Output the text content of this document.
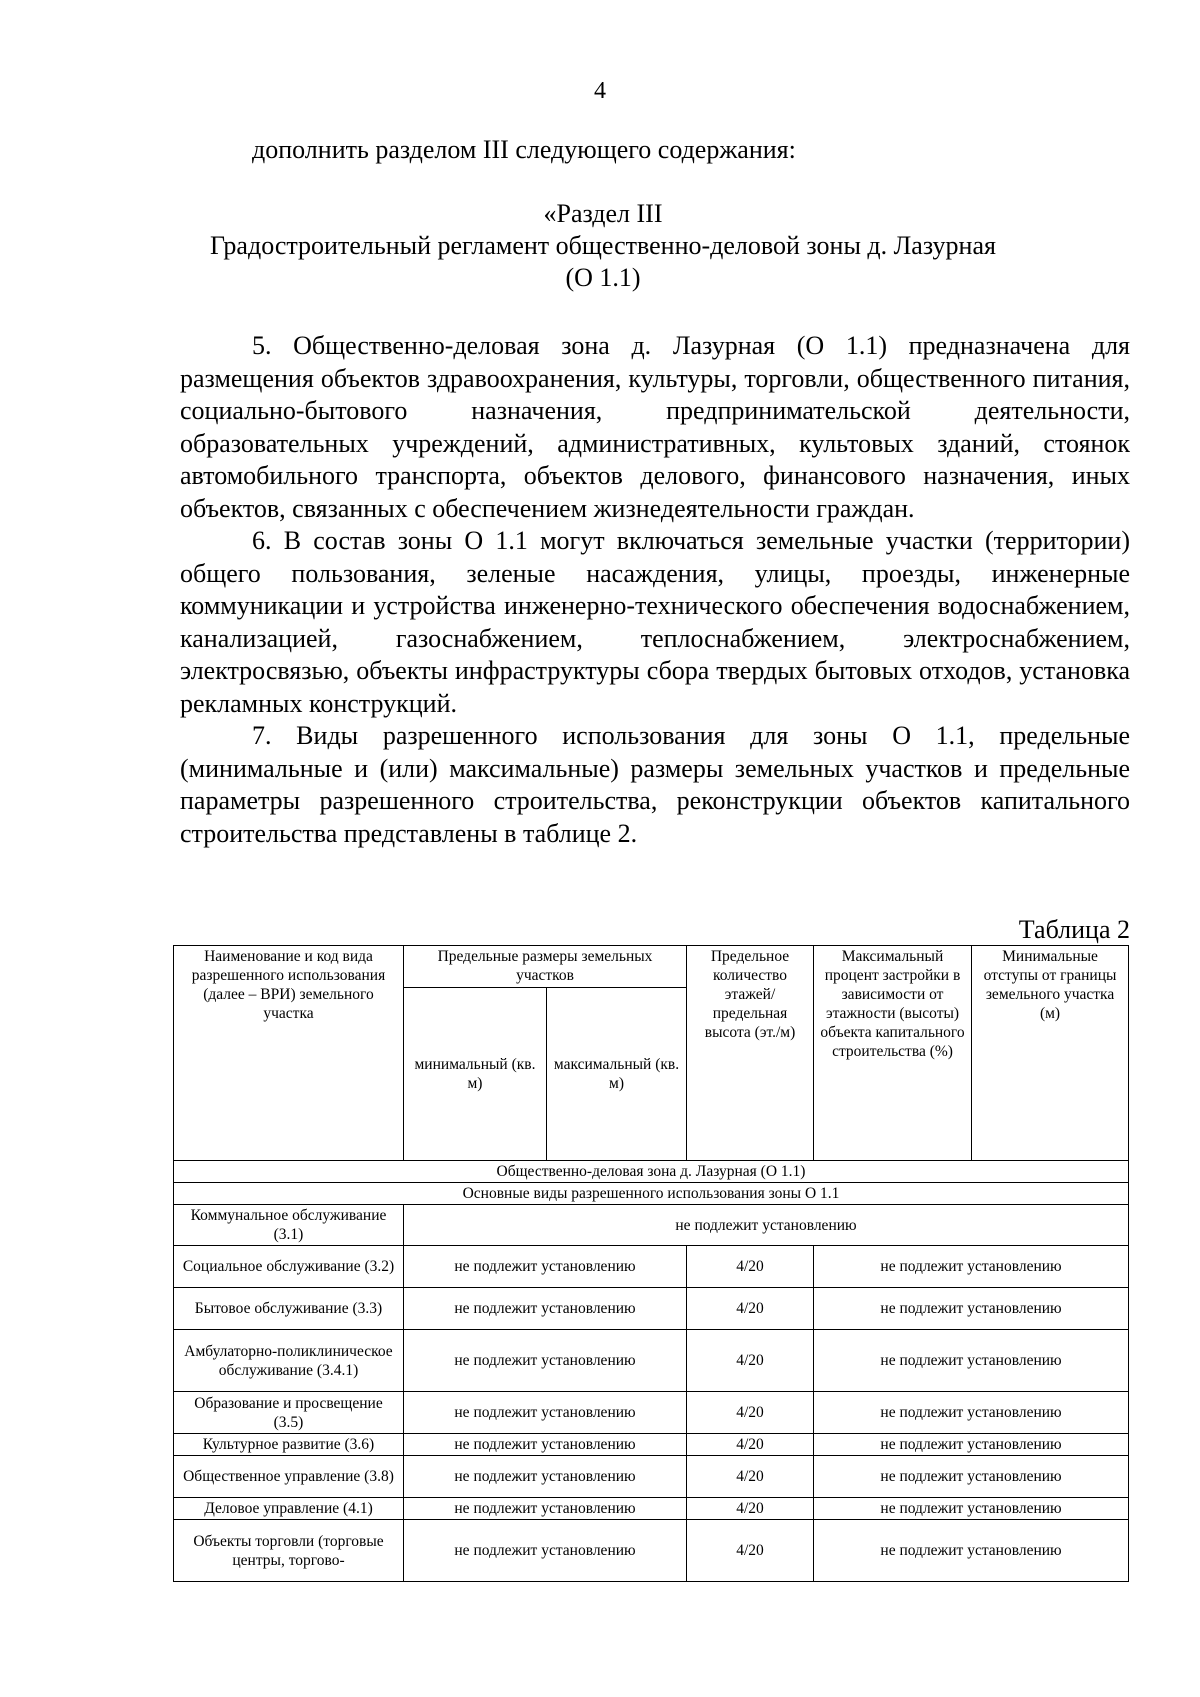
4
дополнить разделом III следующего содержания:
«Раздел III
Градостроительный регламент общественно-деловой зоны д. Лазурная
(О 1.1)

5. Общественно-деловая зона д. Лазурная (О 1.1) предназначена для размещения объектов здравоохранения, культуры, торговли, общественного питания, социально-бытового назначения, предпринимательской деятельности, образовательных учреждений, административных, культовых зданий, стоянок автомобильного транспорта, объектов делового, финансового назначения, иных объектов, связанных с обеспечением жизнедеятельности граждан.

6. В состав зоны О 1.1 могут включаться земельные участки (территории) общего пользования, зеленые насаждения, улицы, проезды, инженерные коммуникации и устройства инженерно-технического обеспечения водоснабжением, канализацией, газоснабжением, теплоснабжением, электроснабжением, электросвязью, объекты инфраструктуры сбора твердых бытовых отходов, установка рекламных конструкций.

7. Виды разрешенного использования для зоны О 1.1, предельные (минимальные и (или) максимальные) размеры земельных участков и предельные параметры разрешенного строительства, реконструкции объектов капитального строительства представлены в таблице 2.

Таблица 2
Наименование и код вида разрешенного использования (далее – ВРИ) земельного участка	Предельные размеры земельных участков		Предельное количество этажей/ предельная высота (эт./м)	Максимальный процент застройки в зависимости от этажности (высоты) объекта капитального строительства (%)	Минимальные отступы от границы земельного участка (м)
	минимальный (кв. м)	максимальный (кв. м)			
Общественно-деловая зона д. Лазурная (О 1.1)					
Основные виды разрешенного использования зоны О 1.1					
Коммунальное обслуживание (3.1)	не подлежит установлению				
Социальное обслуживание (3.2)	не подлежит установлению		4/20	не подлежит установлению	
Бытовое обслуживание (3.3)	не подлежит установлению		4/20	не подлежит установлению	
Амбулаторно-поликлиническое обслуживание (3.4.1)	не подлежит установлению		4/20	не подлежит установлению	
Образование и просвещение (3.5)	не подлежит установлению		4/20	не подлежит установлению	
Культурное развитие (3.6)	не подлежит установлению		4/20	не подлежит установлению	
Общественное управление (3.8)	не подлежит установлению		4/20	не подлежит установлению	
Деловое управление (4.1)	не подлежит установлению		4/20	не подлежит установлению	
Объекты торговли (торговые центры, торгово-	не подлежит установлению		4/20	не подлежит установлению	
